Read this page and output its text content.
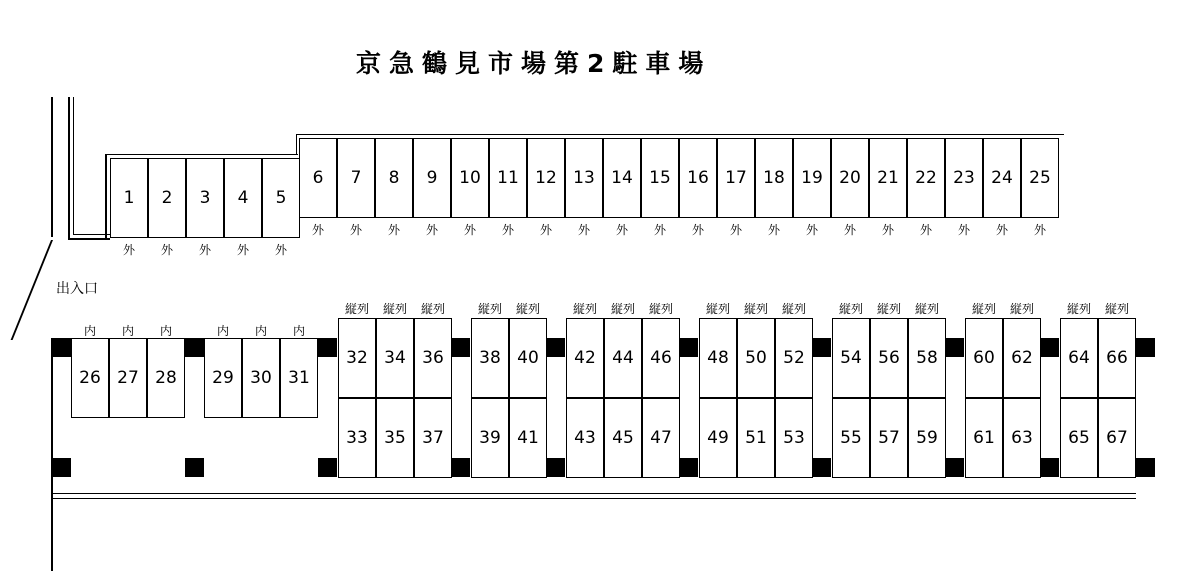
京急鶴見市場第2駐車場
出入口
1
外
2
外
3
外
4
外
5
外
6
外
7
外
8
外
9
外
10
外
11
外
12
外
13
外
14
外
15
外
16
外
17
外
18
外
19
外
20
外
21
外
22
外
23
外
24
外
25
外
26
内
27
内
28
内
29
内
30
内
31
内
32
33
縦列
34
35
縦列
36
37
縦列
38
39
縦列
40
41
縦列
42
43
縦列
44
45
縦列
46
47
縦列
48
49
縦列
50
51
縦列
52
53
縦列
54
55
縦列
56
57
縦列
58
59
縦列
60
61
縦列
62
63
縦列
64
65
縦列
66
67
縦列
